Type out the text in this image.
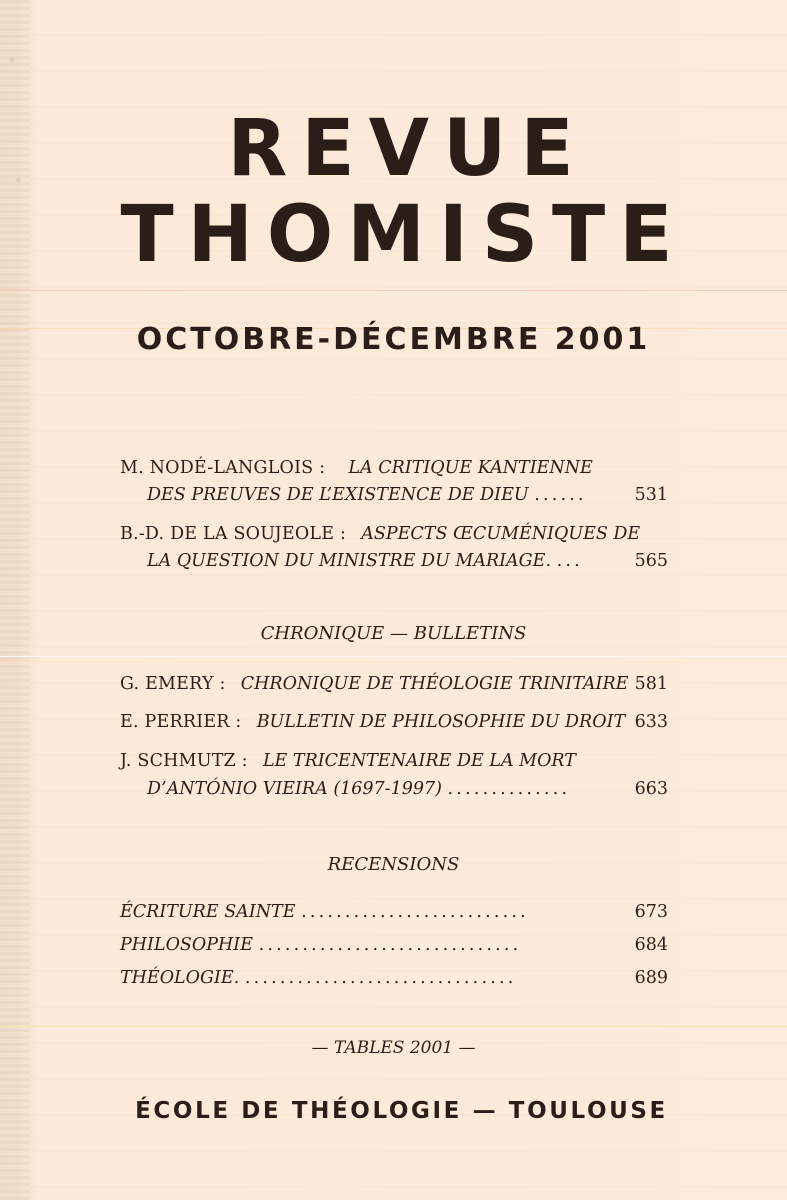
REVUE
THOMISTE
OCTOBRE-DÉCEMBRE 2001
M. NODÉ-LANGLOIS : LA CRITIQUE KANTIENNE
DES PREUVES DE L’EXISTENCE DE DIEU ......	531
B.-D. DE LA SOUJEOLE : ASPECTS ŒCUMÉNIQUES DE
LA QUESTION DU MINISTRE DU MARIAGE. ...	565
CHRONIQUE — BULLETINS
G. EMERY : CHRONIQUE DE THÉOLOGIE TRINITAIRE 581
E. PERRIER : BULLETIN DE PHILOSOPHIE DU DROIT 633
J. SCHMUTZ : LE TRICENTENAIRE DE LA MORT
D’ANTÓNIO VIEIRA (1697-1997) ..............	663
RECENSIONS
ÉCRITURE SAINTE ..........................	673
PHILOSOPHIE ..............................	684
THÉOLOGIE. ...............................	689
— TABLES 2001 —
ÉCOLE DE THÉOLOGIE — TOULOUSE
